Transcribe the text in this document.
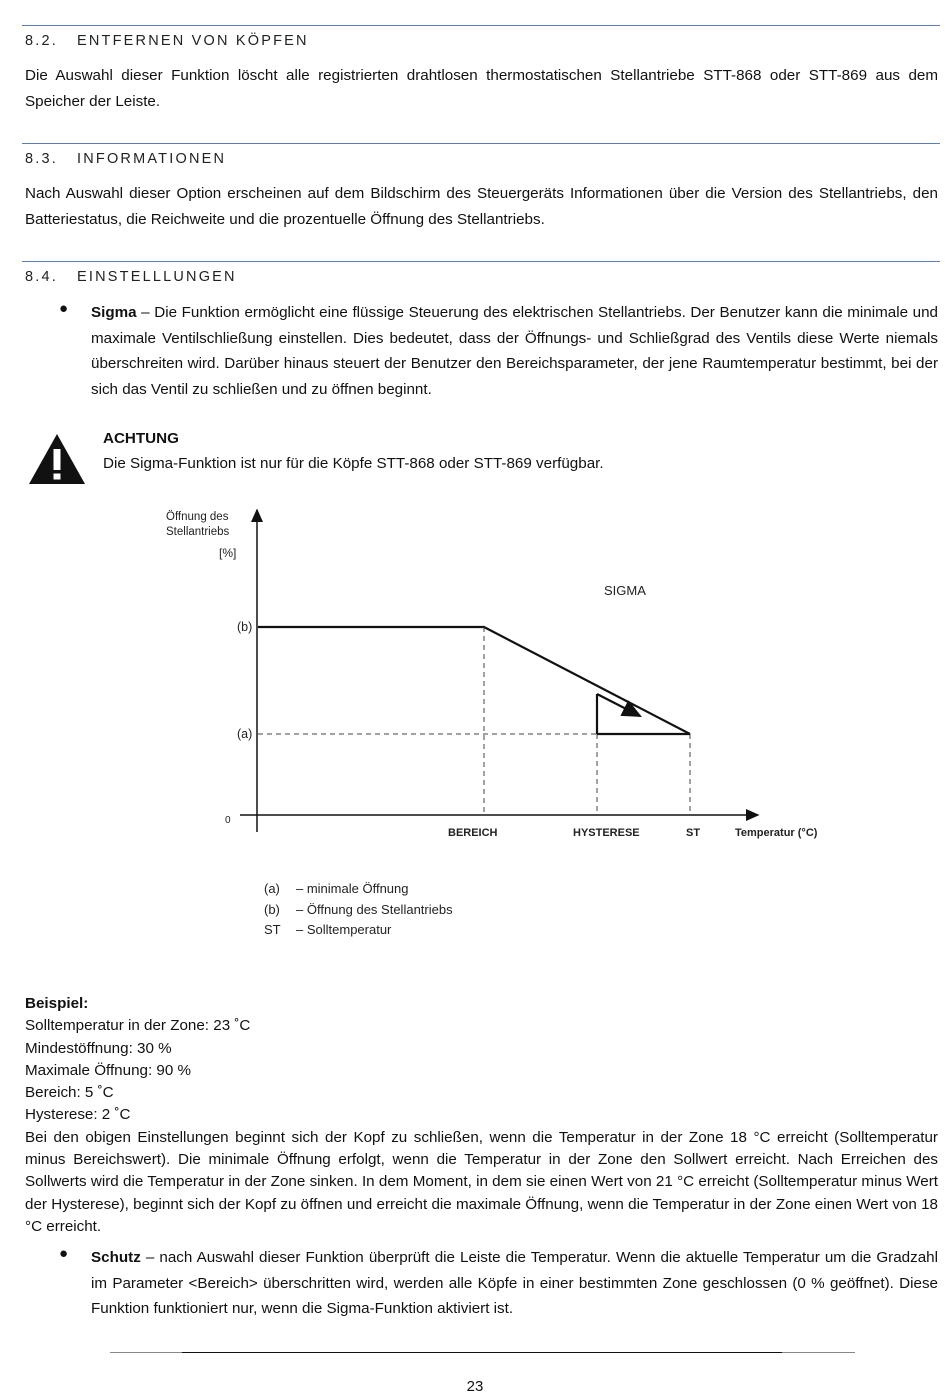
8.2. ENTFERNEN VON KÖPFEN
Die Auswahl dieser Funktion löscht alle registrierten drahtlosen thermostatischen Stellantriebe STT-868 oder STT-869 aus dem Speicher der Leiste.
8.3. INFORMATIONEN
Nach Auswahl dieser Option erscheinen auf dem Bildschirm des Steuergeräts Informationen über die Version des Stellantriebs, den Batteriestatus, die Reichweite und die prozentuelle Öffnung des Stellantriebs.
8.4. EINSTELLLUNGEN
● Sigma – Die Funktion ermöglicht eine flüssige Steuerung des elektrischen Stellantriebs. Der Benutzer kann die minimale und maximale Ventilschließung einstellen. Dies bedeutet, dass der Öffnungs- und Schließgrad des Ventils diese Werte niemals überschreiten wird. Darüber hinaus steuert der Benutzer den Bereichsparameter, der jene Raumtemperatur bestimmt, bei der sich das Ventil zu schließen und zu öffnen beginnt.
ACHTUNG
Die Sigma-Funktion ist nur für die Köpfe STT-868 oder STT-869 verfügbar.
Öffnung des
Stellantriebs
[%]
SIGMA
(b)
(a)
0
BEREICH	HYSTERESE	ST	Temperatur (°C)
(a) – minimale Öffnung
(b) – Öffnung des Stellantriebs
ST – Solltemperatur
Beispiel:
Solltemperatur in der Zone: 23 ˚C
Mindestöffnung: 30 %
Maximale Öffnung: 90 %
Bereich: 5 ˚C
Hysterese: 2 ˚C
Bei den obigen Einstellungen beginnt sich der Kopf zu schließen, wenn die Temperatur in der Zone 18 °C erreicht (Solltemperatur minus Bereichswert). Die minimale Öffnung erfolgt, wenn die Temperatur in der Zone den Sollwert erreicht. Nach Erreichen des Sollwerts wird die Temperatur in der Zone sinken. In dem Moment, in dem sie einen Wert von 21 °C erreicht (Solltemperatur minus Wert der Hysterese), beginnt sich der Kopf zu öffnen und erreicht die maximale Öffnung, wenn die Temperatur in der Zone einen Wert von 18 °C erreicht.
● Schutz – nach Auswahl dieser Funktion überprüft die Leiste die Temperatur. Wenn die aktuelle Temperatur um die Gradzahl im Parameter <Bereich> überschritten wird, werden alle Köpfe in einer bestimmten Zone geschlossen (0 % geöffnet). Diese Funktion funktioniert nur, wenn die Sigma-Funktion aktiviert ist.
23
